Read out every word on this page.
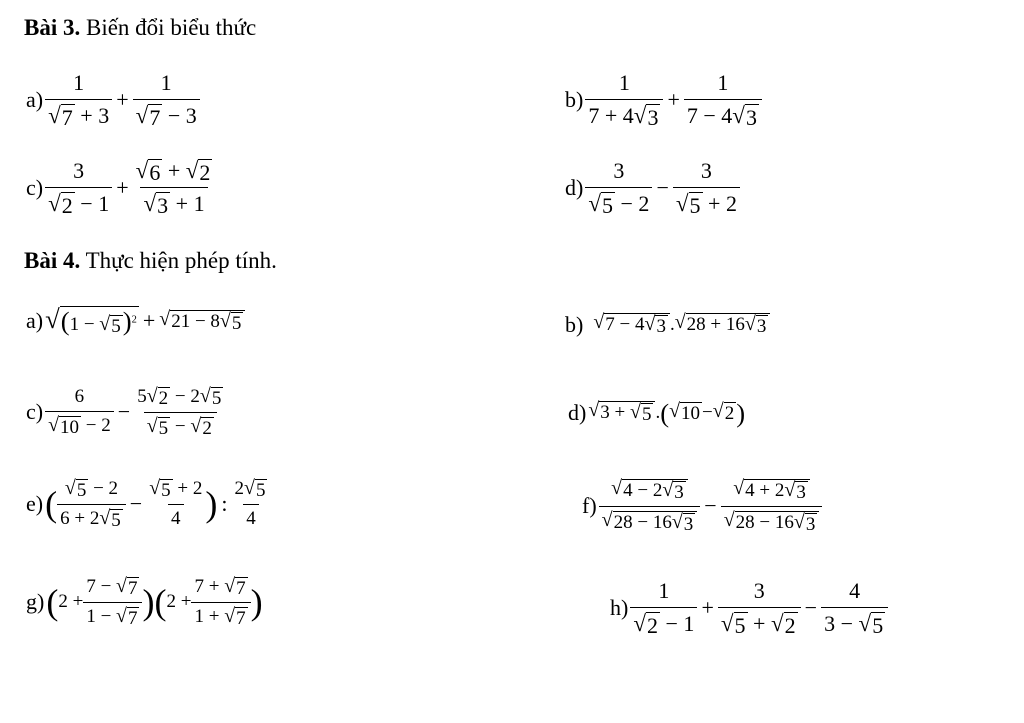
Bài 3. Biến đổi biểu thức
$a) \frac{1}{√ 7 + 3} + \frac{1}{√ 7 - 3}$	$b) \frac{1}{7 + 4 √ 3} + \frac{1}{7 - 4 √ 3}$
$c) \frac{3}{√ 2 - 1} + \frac{√ 6 + √ 2}{√ 3 + 1}$	$d) \frac{3}{√ 5 - 2} - \frac{3}{√ 5 + 2}$
Bài 4. Thực hiện phép tính.
a) √ (1 − √ 5 )$^2$ + √ 21 − 8 √ 5	b) √ 7 − 4 √ 3 . √ 28 + 16 √ 3
$c) \frac{6}{√ 10 - 2} - \frac{5 √ 2 - 2 √ 5}{√ 5 - √ 2}$	d) √ 3 + √ 5 . ( √ 10 − √ 2 )
e) ( $\frac{√ 5 - 2}{6 + 2 √ 5} - \frac{√ 5 + 2}{4}$ ) : $\frac{2 √ 5}{4}$	$f) \frac{√ 4 - 2 √ 3}{√ 28 - 16 √ 3} - \frac{√ 4 + 2 √ 3}{√ 28 - 16 √ 3}$
g) ( $2 + \frac{7 - √ 7}{1 - √ 7}$ ) ( $2 + \frac{7 + √ 7}{1 + √ 7}$ )	$h) \frac{1}{√ 2 - 1} + \frac{3}{√ 5 + √ 2} - \frac{4}{3 - √ 5}$
